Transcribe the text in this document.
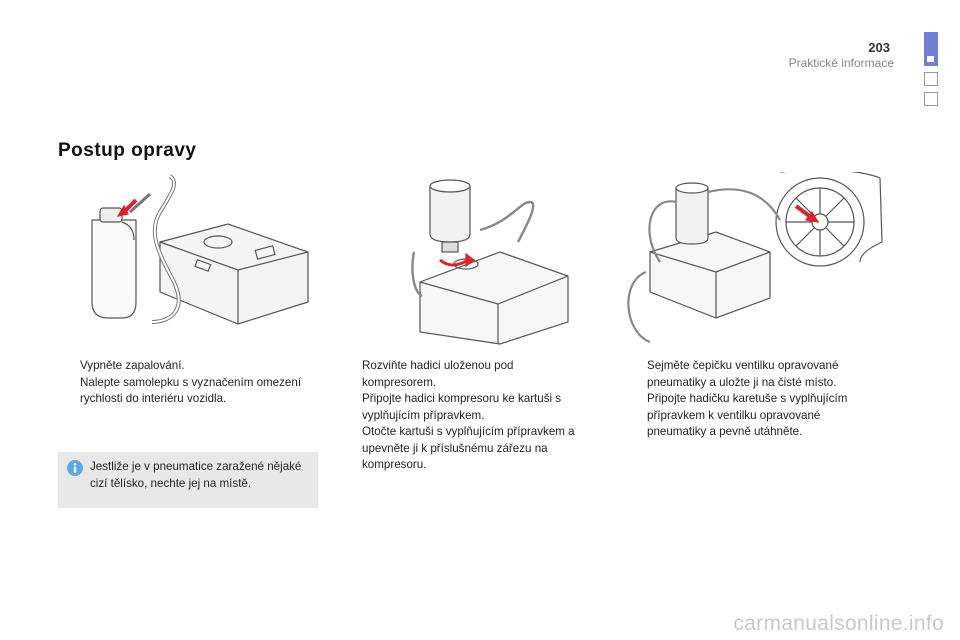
203
Praktické informace
Postup opravy
Vypněte zapalování.
Nalepte samolepku s vyznačením omezení rychlosti do interiéru vozidla.
Rozviňte hadici uloženou pod kompresorem.
Připojte hadici kompresoru ke kartuši s vyplňujícím přípravkem.
Otočte kartuši s vyplňujícím přípravkem a upevněte ji k příslušnému zářezu na kompresoru.
Sejměte čepičku ventilku opravované pneumatiky a uložte ji na čisté místo.
Připojte hadičku karetuše s vyplňujícím přípravkem k ventilku opravované pneumatiky a pevně utáhněte.
Jestliže je v pneumatice zaražené nějaké cizí tělísko, nechte jej na místě.
carmanualsonline.info
